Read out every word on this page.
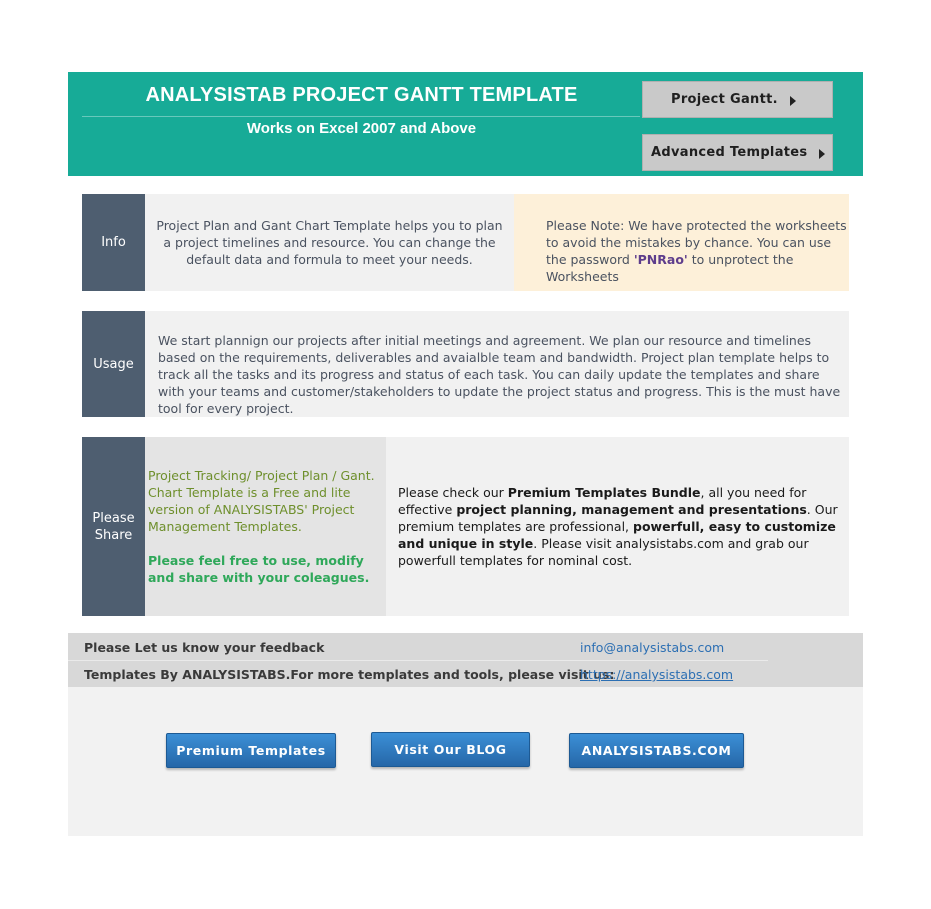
ANALYSISTAB PROJECT GANTT TEMPLATE
Works on Excel 2007 and Above
Project Gantt.
Advanced Templates
Info
Project Plan and Gant Chart Template helps you to plan a project timelines and resource. You can change the default data and formula to meet your needs.
Please Note: We have protected the worksheets to avoid the mistakes by chance. You can use the password 'PNRao' to unprotect the Worksheets
Usage
We start plannign our projects after initial meetings and agreement. We plan our resource and timelines based on the requirements, deliverables and avaialble team and bandwidth. Project plan template helps to track all the tasks and its progress and status of each task. You can daily update the templates and share with your teams and customer/stakeholders to update the project status and progress. This is the must have tool for every project.
Please Share
Project Tracking/ Project Plan / Gant. Chart Template is a Free and lite version of ANALYSISTABS' Project Management Templates.
Please feel free to use, modify and share with your coleagues.
Please check our Premium Templates Bundle, all you need for effective project planning, management and presentations. Our premium templates are professional, powerfull, easy to customize and unique in style. Please visit analysistabs.com and grab our powerfull templates for nominal cost.
Please Let us know your feedback
Templates By ANALYSISTABS.For more templates and tools, please visit us:
info@analysistabs.com
https://analysistabs.com
Premium Templates	Visit Our BLOG	ANALYSISTABS.COM
